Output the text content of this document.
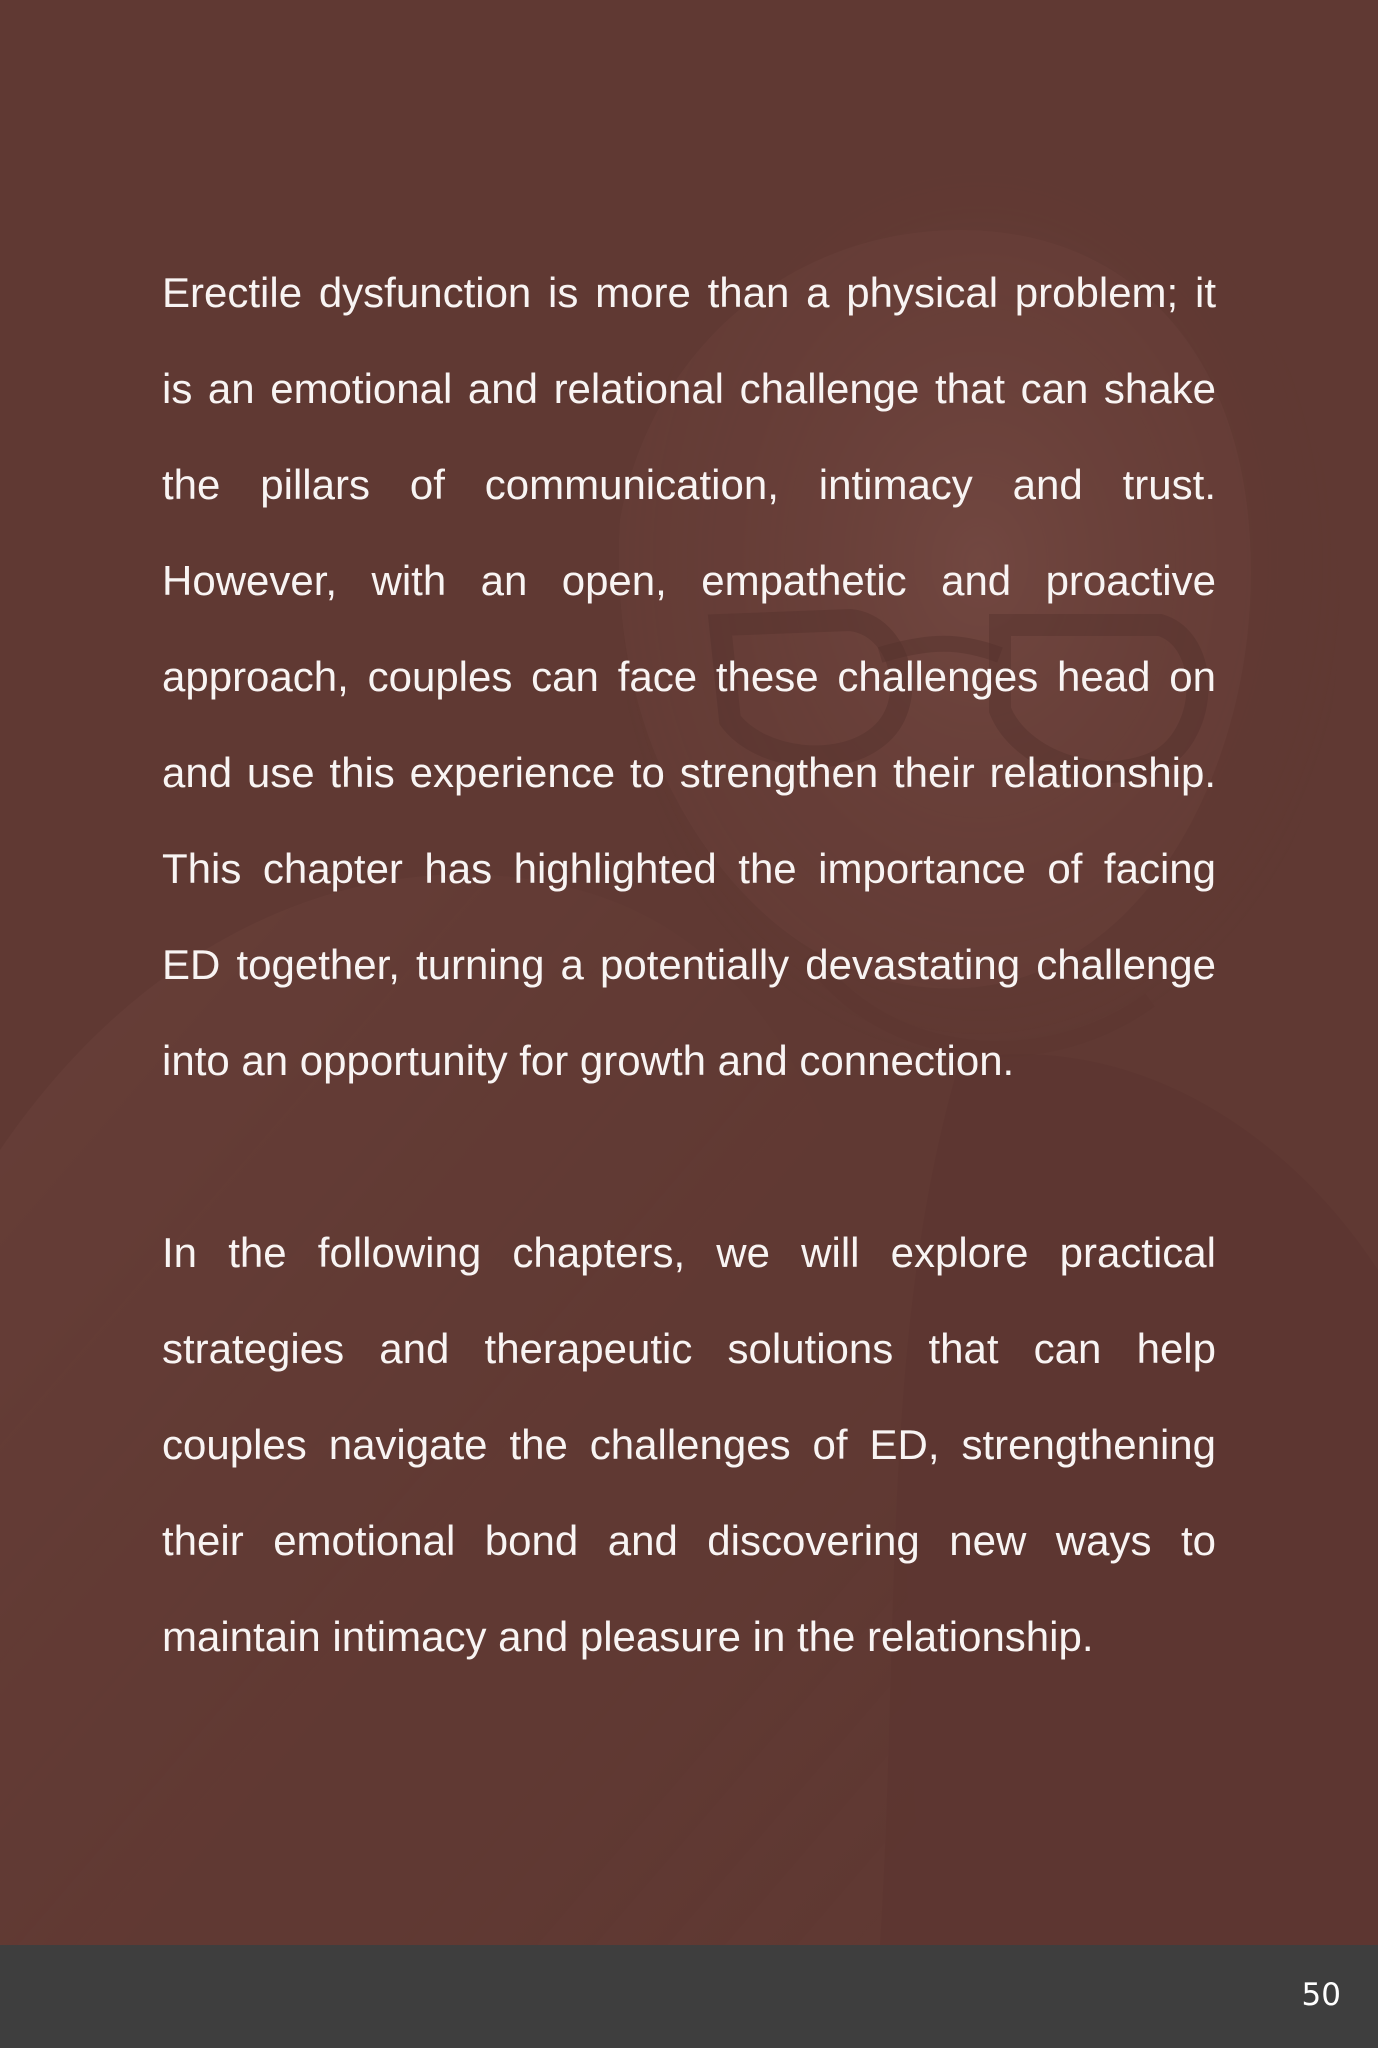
Erectile dysfunction is more than a physical problem; it is an emotional and relational challenge that can shake the pillars of communication, intimacy and trust. However, with an open, empathetic and proactive approach, couples can face these challenges head on and use this experience to strengthen their relationship. This chapter has highlighted the importance of facing ED together, turning a potentially devastating challenge into an opportunity for growth and connection.

In the following chapters, we will explore practical strategies and therapeutic solutions that can help couples navigate the challenges of ED, strengthening their emotional bond and discovering new ways to maintain intimacy and pleasure in the relationship.

50
